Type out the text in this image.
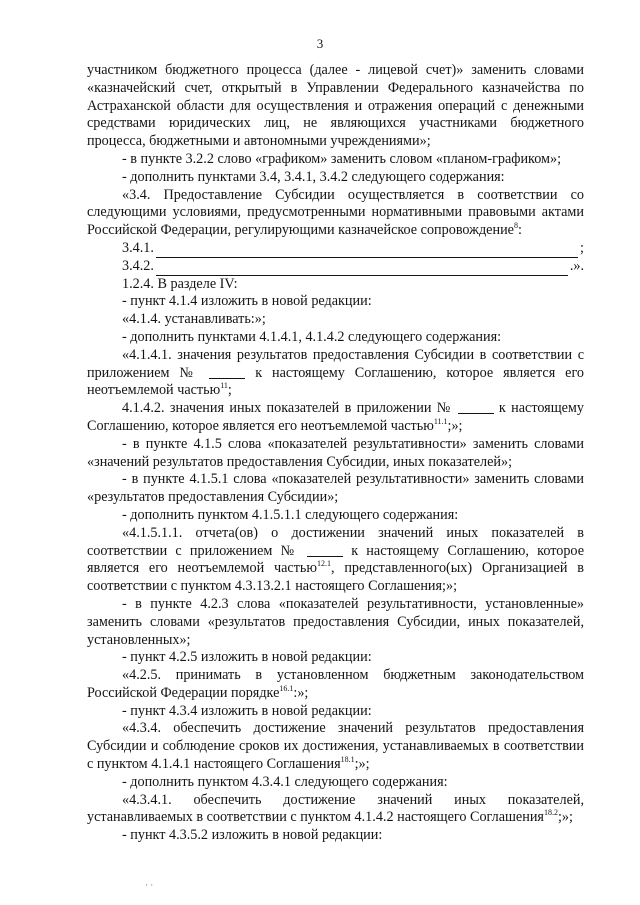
3

участником бюджетного процесса (далее - лицевой счет)» заменить словами «казначейский счет, открытый в Управлении Федерального казначейства по Астраханской области для осуществления и отражения операций с денежными средствами юридических лиц, не являющихся участниками бюджетного процесса, бюджетными и автономными учреждениями»;

- в пункте 3.2.2 слово «графиком» заменить словом «планом-графиком»;

- дополнить пунктами 3.4, 3.4.1, 3.4.2 следующего содержания:

«3.4. Предоставление Субсидии осуществляется в соответствии со следующими условиями, предусмотренными нормативными правовыми актами Российской Федерации, регулирующими казначейское сопровождение$^8$:

3.4.1.	;
3.4.2.	.».

1.2.4. В разделе IV:

- пункт 4.1.4 изложить в новой редакции:

«4.1.4. устанавливать:»;

- дополнить пунктами 4.1.4.1, 4.1.4.2 следующего содержания:

«4.1.4.1. значения результатов предоставления Субсидии в соответствии с приложением №	к настоящему Соглашению, которое является его неотъемлемой частью$^{11}$;

4.1.4.2. значения иных показателей в приложении №	к настоящему Соглашению, которое является его неотъемлемой частью$^{11.1}$;»;

- в пункте 4.1.5 слова «показателей результативности» заменить словами «значений результатов предоставления Субсидии, иных показателей»;

- в пункте 4.1.5.1 слова «показателей результативности» заменить словами «результатов предоставления Субсидии»;

- дополнить пунктом 4.1.5.1.1 следующего содержания:

«4.1.5.1.1. отчета(ов) о достижении значений иных показателей в соответствии с приложением №	к настоящему Соглашению, которое является его неотъемлемой частью$^{12.1}$, представленного(ых) Организацией в соответствии с пунктом 4.3.13.2.1 настоящего Соглашения;»;

- в пункте 4.2.3 слова «показателей результативности, установленные» заменить словами «результатов предоставления Субсидии, иных показателей, установленных»;

- пункт 4.2.5 изложить в новой редакции:

«4.2.5. принимать в установленном бюджетным законодательством Российской Федерации порядке$^{16.1}$:»;

- пункт 4.3.4 изложить в новой редакции:

«4.3.4. обеспечить достижение значений результатов предоставления Субсидии и соблюдение сроков их достижения, устанавливаемых в соответствии с пунктом 4.1.4.1 настоящего Соглашения$^{18.1}$;»;

- дополнить пунктом 4.3.4.1 следующего содержания:

«4.3.4.1. обеспечить достижение значений иных показателей, устанавливаемых в соответствии с пунктом 4.1.4.2 настоящего Соглашения$^{18.2}$;»;

- пункт 4.3.5.2 изложить в новой редакции:

· ·
